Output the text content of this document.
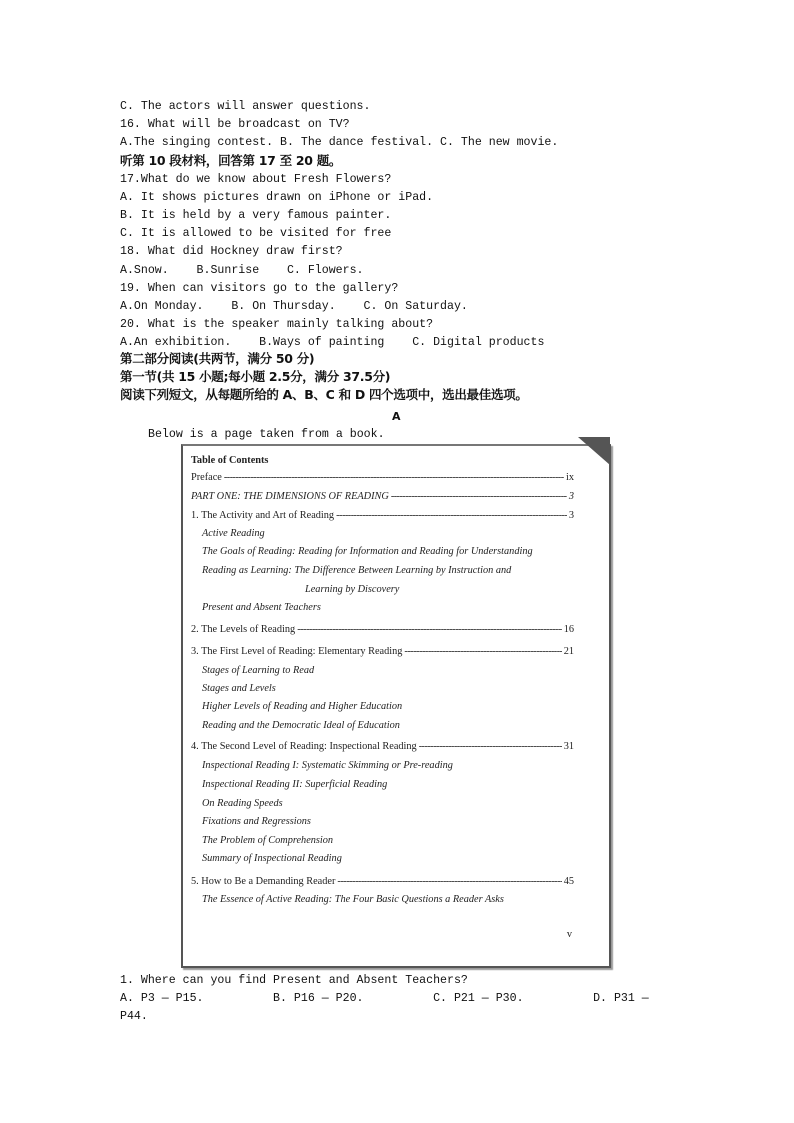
C. The actors will answer questions.
16. What will be broadcast on TV?
A.The singing contest. B. The dance festival. C. The new movie.
听第 10 段材料，回答第 17 至 20 题。
17.What do we know about Fresh Flowers?
A. It shows pictures drawn on iPhone or iPad.
B. It is held by a very famous painter.
C. It is allowed to be visited for free
18. What did Hockney draw first?
A.Snow.    B.Sunrise    C. Flowers.
19. When can visitors go to the gallery?
A.On Monday.    B. On Thursday.    C. On Saturday.
20. What is the speaker mainly talking about?
A.An exhibition.    B.Ways of painting    C. Digital products
第二部分阅读(共两节，满分 50 分)
第一节(共 15 小题;每小题 2.5分，满分 37.5分)
阅读下列短文，从每题所给的 A、B、C 和 D 四个选项中，选出最佳选项。
A
Below is a page taken from a book.
Table of Contents
v
1. Where can you find Present and Absent Teachers?
A. P3 — P15.          B. P16 — P20.          C. P21 — P30.          D. P31 —
P44.
Preface -----	ix
PART ONE: THE DIMENSIONS OF READING -----	3
1. The Activity and Art of Reading -----	3
Active Reading
The Goals of Reading: Reading for Information and Reading for Understanding
Reading as Learning: The Difference Between Learning by Instruction and
Learning by Discovery
Present and Absent Teachers
2. The Levels of Reading -----	16
3. The First Level of Reading: Elementary Reading -----	21
Stages of Learning to Read
Stages and Levels
Higher Levels of Reading and Higher Education
Reading and the Democratic Ideal of Education
4. The Second Level of Reading: Inspectional Reading -----	31
Inspectional Reading I: Systematic Skimming or Pre-reading
Inspectional Reading II: Superficial Reading
On Reading Speeds
Fixations and Regressions
The Problem of Comprehension
Summary of Inspectional Reading
5. How to Be a Demanding Reader -----	45
The Essence of Active Reading: The Four Basic Questions a Reader Asks
